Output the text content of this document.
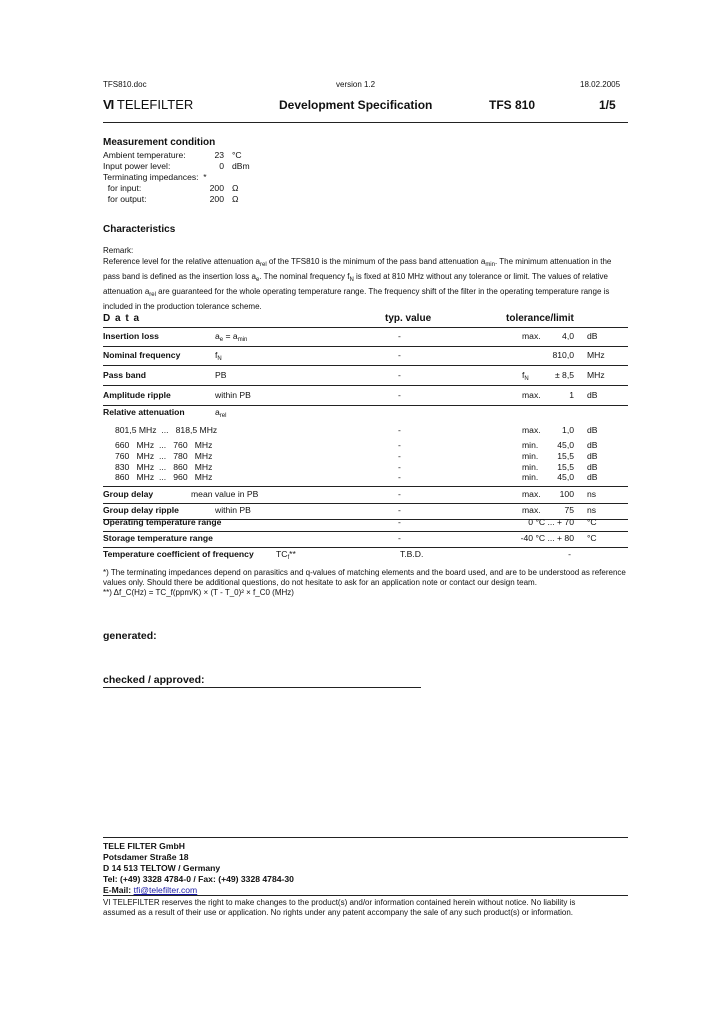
TFS810.doc	version 1.2	18.02.2005
VI TELEFILTER	Development Specification	TFS 810	1/5
Measurement condition
Ambient temperature:	23 °C
Input power level:	0 dBm
Terminating impedances:  *
for input:	200 Ω
for output:	200 Ω
Characteristics
Remark:
Reference level for the relative attenuation $a_{rel}$ of the TFS810 is the minimum of the pass band attenuation $a_{min}$. The minimum attenuation in the
pass band is defined as the insertion loss $a_e$. The nominal frequency $f_N$ is fixed at 810 MHz without any tolerance or limit. The values of relative
attenuation $a_{rel}$ are guaranteed for the whole operating temperature range. The frequency shift of the filter in the operating temperature range is
included in the production tolerance scheme.
D a t a	typ. value	tolerance/limit
Insertion loss	$a_e = a_{min}$	-	max. 4,0 dB
Nominal frequency	$f_N$	-	810,0 MHz
Pass band	PB	-	$f_N$	± 8,5 MHz
Amplitude ripple	within PB	-	max.	1 dB
Relative attenuation	$a_{rel}$
801,5 MHz  ...   818,5 MHz	-	max. 1,0 dB
660   MHz  ...   760   MHz	-	min. 45,0 dB
760   MHz  ...   780   MHz	-	min. 15,5 dB
830   MHz  ...   860   MHz	-	min. 15,5 dB
860   MHz  ...   960   MHz	-	min. 45,0 dB
Group delay	mean value in PB	-	max. 100 ns
Group delay ripple	within PB	-	max.	75 ns
Operating temperature range	-	0 °C ... + 70 °C
Storage temperature range	-	-40 °C ... + 80 °C
Temperature coefficient of frequency	$TC_f**$	T.B.D.	-
*) The terminating impedances depend on parasitics and q-values of matching elements and the board used, and are to be understood as reference
values only. Should there be additional questions, do not hesitate to ask for an application note or contact our design team.
**) Δf_C(Hz) = TC_f(ppm/K) × (T - T_0)² × f_C0 (MHz)
generated:
checked / approved:
TELE FILTER GmbH
Potsdamer Straße 18
D 14 513 TELTOW / Germany
Tel: (+49) 3328 4784-0 / Fax: (+49) 3328 4784-30
E-Mail: tfi@telefilter.com
VI TELEFILTER reserves the right to make changes to the product(s) and/or information contained herein without notice. No liability is
assumed as a result of their use or application. No rights under any patent accompany the sale of any such product(s) or information.
